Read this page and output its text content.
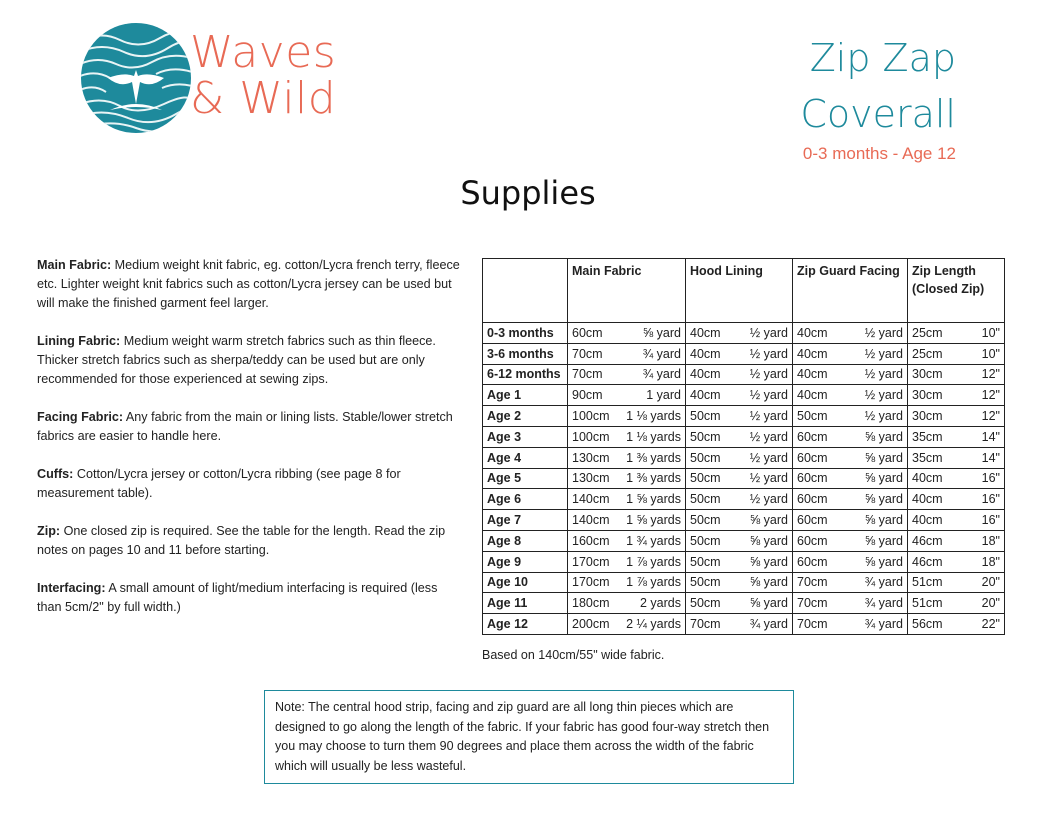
Waves
& Wild
Zip Zap
Coverall
0-3 months - Age 12
Supplies

Main Fabric: Medium weight knit fabric, eg. cotton/Lycra french terry, fleece etc. Lighter weight knit fabrics such as cotton/Lycra jersey can be used but will make the finished garment feel larger.

Lining Fabric: Medium weight warm stretch fabrics such as thin fleece. Thicker stretch fabrics such as sherpa/teddy can be used but are only recommended for those experienced at sewing zips.

Facing Fabric: Any fabric from the main or lining lists. Stable/lower stretch fabrics are easier to handle here.

Cuffs: Cotton/Lycra jersey or cotton/Lycra ribbing (see page 8 for measurement table).

Zip: One closed zip is required. See the table for the length. Read the zip notes on pages 10 and 11 before starting.

Interfacing: A small amount of light/medium interfacing is required (less than 5cm/2" by full width.)

	Main Fabric		Hood Lining		Zip Guard Facing		Zip Length (Closed Zip)	
0-3 months	60cm	⅝ yard	40cm	½ yard	40cm	½ yard	25cm	10"
3-6 months	70cm	¾ yard	40cm	½ yard	40cm	½ yard	25cm	10"
6-12 months	70cm	¾ yard	40cm	½ yard	40cm	½ yard	30cm	12"
Age 1	90cm	1 yard	40cm	½ yard	40cm	½ yard	30cm	12"
Age 2	100cm	1 ⅛ yards	50cm	½ yard	50cm	½ yard	30cm	12"
Age 3	100cm	1 ⅛ yards	50cm	½ yard	60cm	⅝ yard	35cm	14"
Age 4	130cm	1 ⅜ yards	50cm	½ yard	60cm	⅝ yard	35cm	14"
Age 5	130cm	1 ⅜ yards	50cm	½ yard	60cm	⅝ yard	40cm	16"
Age 6	140cm	1 ⅝ yards	50cm	½ yard	60cm	⅝ yard	40cm	16"
Age 7	140cm	1 ⅝ yards	50cm	⅝ yard	60cm	⅝ yard	40cm	16"
Age 8	160cm	1 ¾ yards	50cm	⅝ yard	60cm	⅝ yard	46cm	18"
Age 9	170cm	1 ⅞ yards	50cm	⅝ yard	60cm	⅝ yard	46cm	18"
Age 10	170cm	1 ⅞ yards	50cm	⅝ yard	70cm	¾ yard	51cm	20"
Age 11	180cm	2 yards	50cm	⅝ yard	70cm	¾ yard	51cm	20"
Age 12	200cm	2 ¼ yards	70cm	¾ yard	70cm	¾ yard	56cm	22"
Based on 140cm/55" wide fabric.
Note: The central hood strip, facing and zip guard are all long thin pieces which are designed to go along the length of the fabric. If your fabric has good four-way stretch then you may choose to turn them 90 degrees and place them across the width of the fabric which will usually be less wasteful.
